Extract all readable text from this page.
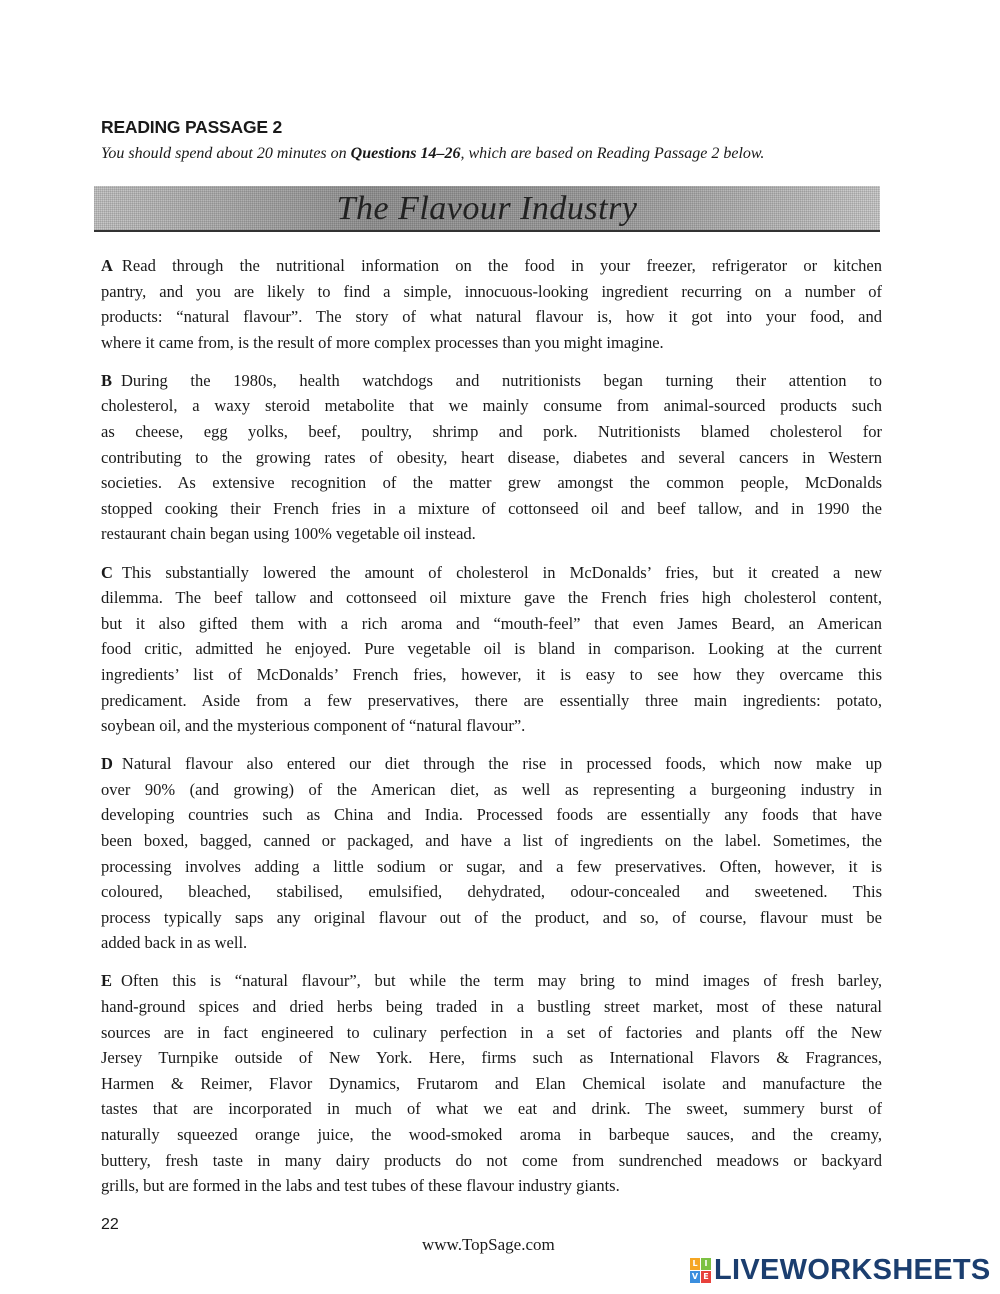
READING PASSAGE 2
You should spend about 20 minutes on Questions 14–26, which are based on Reading Passage 2 below.
The Flavour Industry
A Read through the nutritional information on the food in your freezer, refrigerator or kitchen
pantry, and you are likely to find a simple, innocuous-looking ingredient recurring on a number of
products: “natural flavour”. The story of what natural flavour is, how it got into your food, and
where it came from, is the result of more complex processes than you might imagine.
B During the 1980s, health watchdogs and nutritionists began turning their attention to
cholesterol, a waxy steroid metabolite that we mainly consume from animal-sourced products such
as cheese, egg yolks, beef, poultry, shrimp and pork. Nutritionists blamed cholesterol for
contributing to the growing rates of obesity, heart disease, diabetes and several cancers in Western
societies. As extensive recognition of the matter grew amongst the common people, McDonalds
stopped cooking their French fries in a mixture of cottonseed oil and beef tallow, and in 1990 the
restaurant chain began using 100% vegetable oil instead.
C This substantially lowered the amount of cholesterol in McDonalds’ fries, but it created a new
dilemma. The beef tallow and cottonseed oil mixture gave the French fries high cholesterol content,
but it also gifted them with a rich aroma and “mouth-feel” that even James Beard, an American
food critic, admitted he enjoyed. Pure vegetable oil is bland in comparison. Looking at the current
ingredients’ list of McDonalds’ French fries, however, it is easy to see how they overcame this
predicament. Aside from a few preservatives, there are essentially three main ingredients: potato,
soybean oil, and the mysterious component of “natural flavour”.
D Natural flavour also entered our diet through the rise in processed foods, which now make up
over 90% (and growing) of the American diet, as well as representing a burgeoning industry in
developing countries such as China and India. Processed foods are essentially any foods that have
been boxed, bagged, canned or packaged, and have a list of ingredients on the label. Sometimes, the
processing involves adding a little sodium or sugar, and a few preservatives. Often, however, it is
coloured, bleached, stabilised, emulsified, dehydrated, odour-concealed and sweetened. This
process typically saps any original flavour out of the product, and so, of course, flavour must be
added back in as well.
E Often this is “natural flavour”, but while the term may bring to mind images of fresh barley,
hand-ground spices and dried herbs being traded in a bustling street market, most of these natural
sources are in fact engineered to culinary perfection in a set of factories and plants off the New
Jersey Turnpike outside of New York. Here, firms such as International Flavors & Fragrances,
Harmen & Reimer, Flavor Dynamics, Frutarom and Elan Chemical isolate and manufacture the
tastes that are incorporated in much of what we eat and drink. The sweet, summery burst of
naturally squeezed orange juice, the wood-smoked aroma in barbeque sauces, and the creamy,
buttery, fresh taste in many dairy products do not come from sundrenched meadows or backyard
grills, but are formed in the labs and test tubes of these flavour industry giants.
22
www.TopSage.com
L I
V E LIVEWORKSHEETS
